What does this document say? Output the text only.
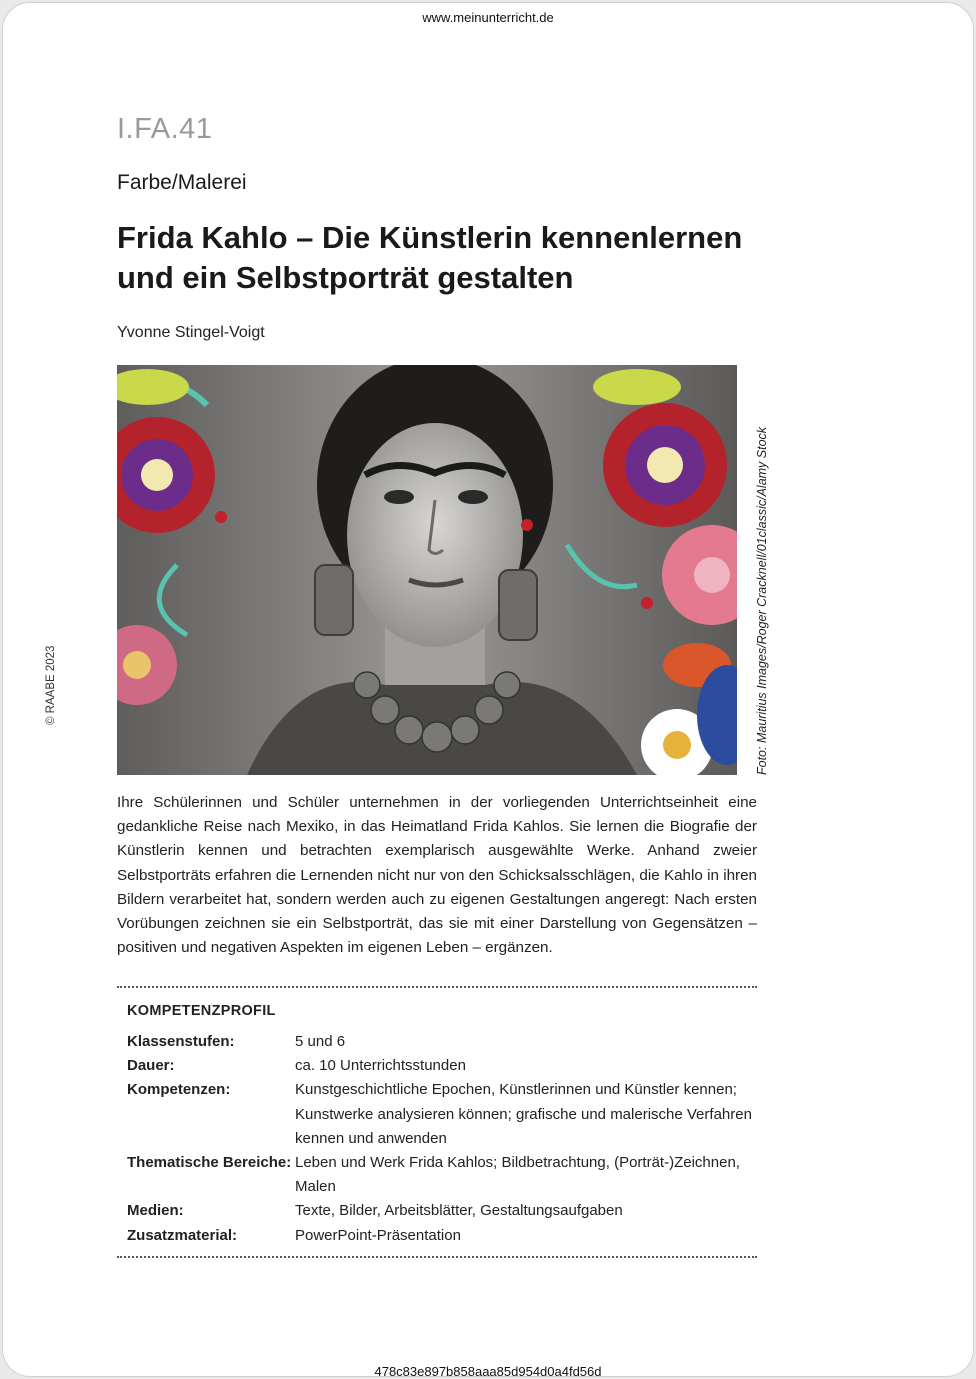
www.meinunterricht.de
I.FA.41
Farbe/Malerei
Frida Kahlo – Die Künstlerin kennenlernen und ein Selbstporträt gestalten
Yvonne Stingel-Voigt
Foto: Mauritius Images/Roger Cracknell/01classic/Alamy Stock
© RAABE 2023

Ihre Schülerinnen und Schüler unternehmen in der vorliegenden Unterrichtseinheit eine gedankliche Reise nach Mexiko, in das Heimatland Frida Kahlos. Sie lernen die Biografie der Künstlerin kennen und betrachten exemplarisch ausgewählte Werke. Anhand zweier Selbstporträts erfahren die Lernenden nicht nur von den Schicksalsschlägen, die Kahlo in ihren Bildern verarbeitet hat, sondern werden auch zu eigenen Gestaltungen angeregt: Nach ersten Vorübungen zeichnen sie ein Selbstporträt, das sie mit einer Darstellung von Gegensätzen – positiven und negativen Aspekten im eigenen Leben – ergänzen.

KOMPETENZPROFIL
Klassenstufen:	5 und 6
Dauer:	ca. 10 Unterrichtsstunden
Kompetenzen:	Kunstgeschichtliche Epochen, Künstlerinnen und Künstler kennen; Kunstwerke analysieren können; grafische und malerische Verfahren kennen und anwenden
Thematische Bereiche:	Leben und Werk Frida Kahlos; Bildbetrachtung, (Porträt-)Zeichnen, Malen
Medien:	Texte, Bilder, Arbeitsblätter, Gestaltungsaufgaben
Zusatzmaterial:	PowerPoint-Präsentation
478c83e897b858aaa85d954d0a4fd56d
